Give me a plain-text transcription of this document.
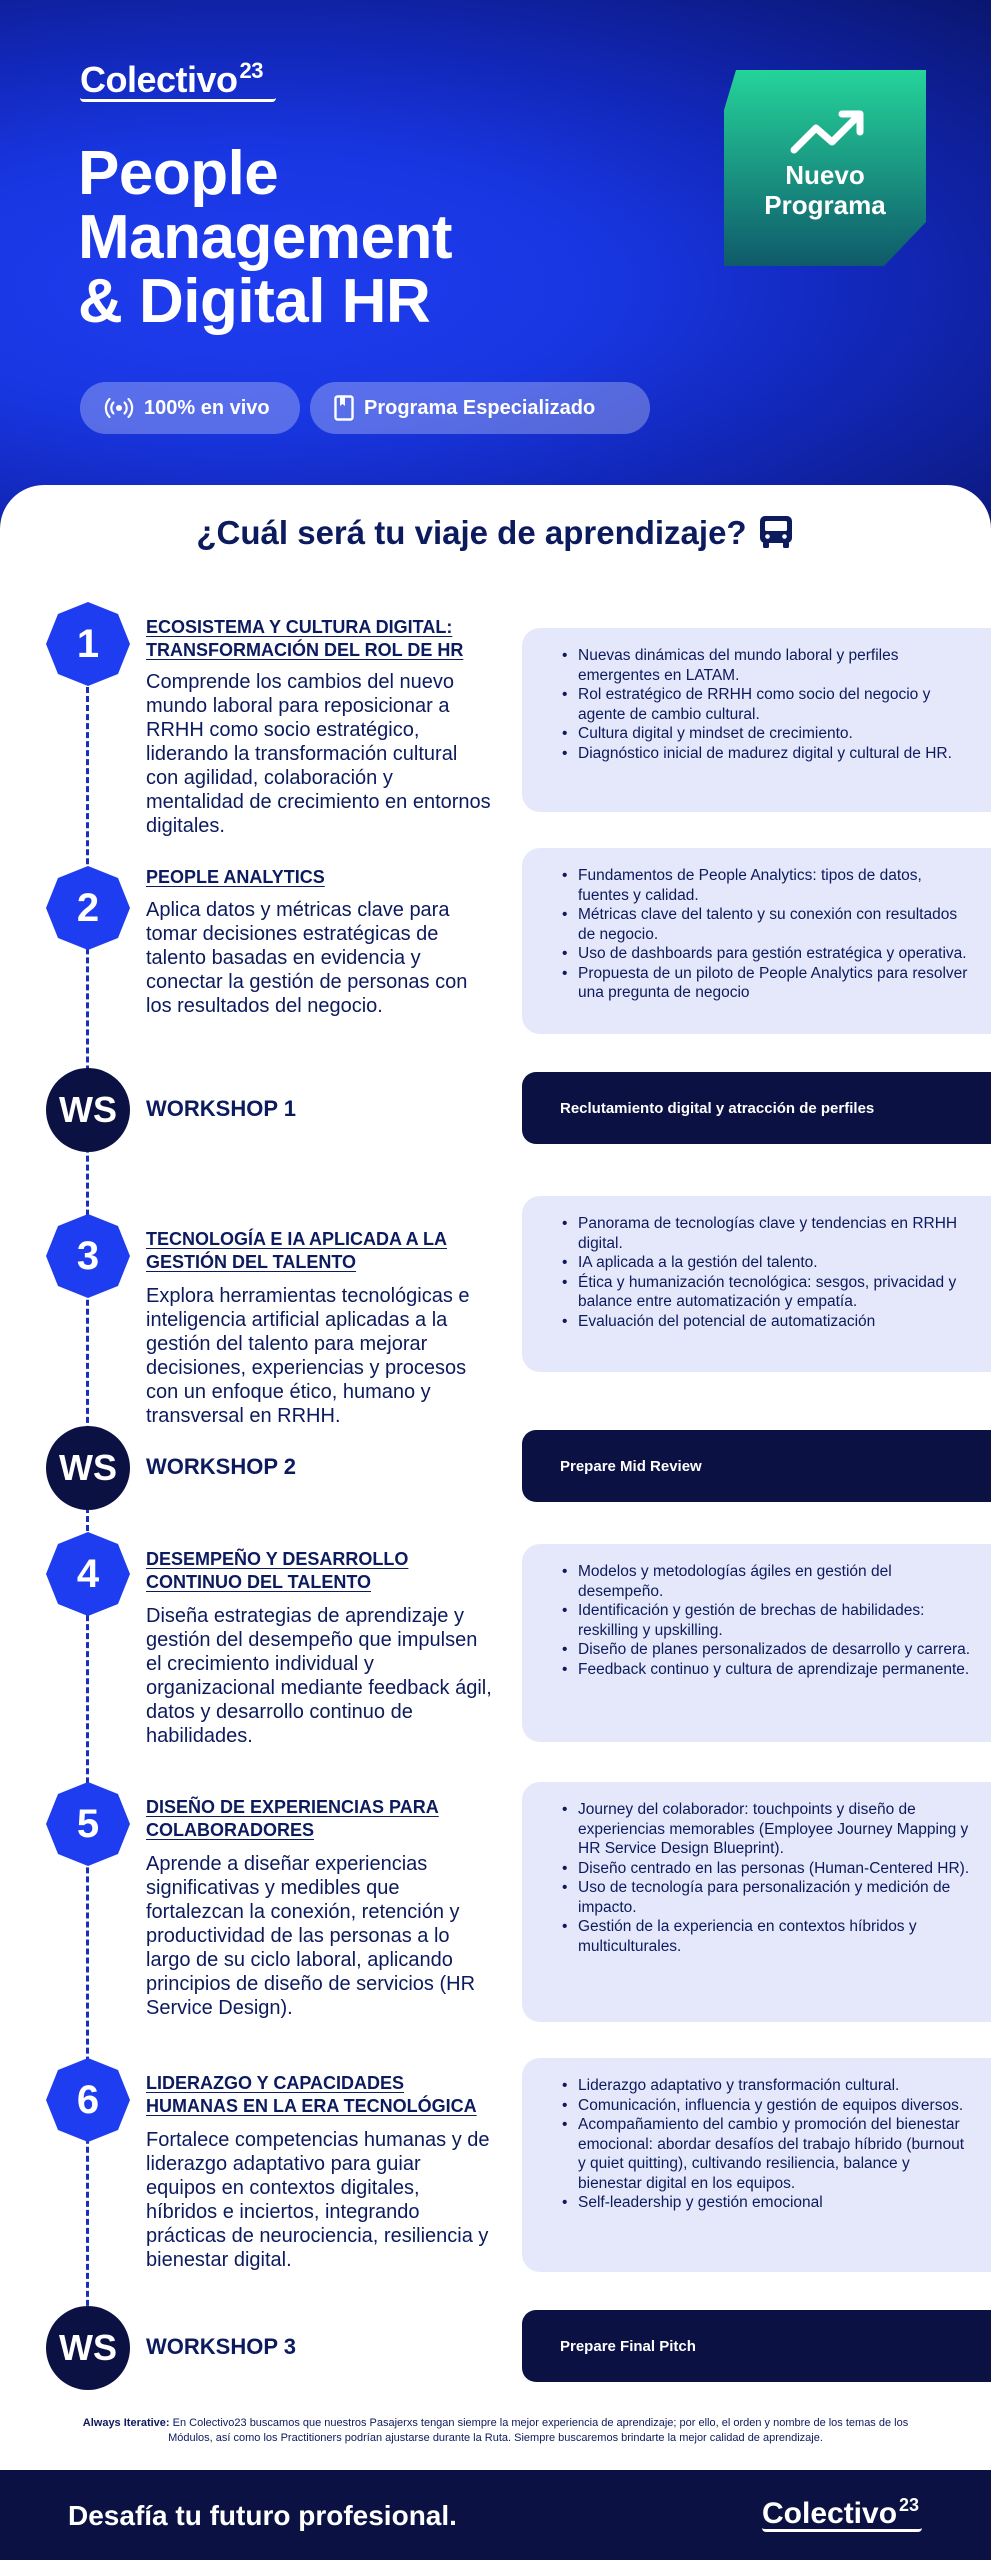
Colectivo$^{23}$
People
Management
& Digital HR
100% en vivo	Programa Especializado
Nuevo
Programa
¿Cuál será tu viaje de aprendizaje?
1	ECOSISTEMA Y CULTURA DIGITAL: TRANSFORMACIÓN DEL ROL DE HR
Comprende los cambios del nuevo mundo laboral para reposicionar a RRHH como socio estratégico, liderando la transformación cultural con agilidad, colaboración y mentalidad de crecimiento en entornos digitales.
• Nuevas dinámicas del mundo laboral y perfiles emergentes en LATAM.
• Rol estratégico de RRHH como socio del negocio y agente de cambio cultural.
• Cultura digital y mindset de crecimiento.
• Diagnóstico inicial de madurez digital y cultural de HR.
2
PEOPLE ANALYTICS
Aplica datos y métricas clave para tomar decisiones estratégicas de talento basadas en evidencia y conectar la gestión de personas con los resultados del negocio.
• Fundamentos de People Analytics: tipos de datos, fuentes y calidad.
• Métricas clave del talento y su conexión con resultados de negocio.
• Uso de dashboards para gestión estratégica y operativa.
• Propuesta de un piloto de People Analytics para resolver una pregunta de negocio
WS	WORKSHOP 1	Reclutamiento digital y atracción de perfiles
3	TECNOLOGÍA E IA APLICADA A LA GESTIÓN DEL TALENTO
Explora herramientas tecnológicas e inteligencia artificial aplicadas a la gestión del talento para mejorar decisiones, experiencias y procesos con un enfoque ético, humano y transversal en RRHH.
• Panorama de tecnologías clave y tendencias en RRHH digital.
• IA aplicada a la gestión del talento.
• Ética y humanización tecnológica: sesgos, privacidad y balance entre automatización y empatía.
• Evaluación del potencial de automatización
WS	WORKSHOP 2	Prepare Mid Review
4	DESEMPEÑO Y DESARROLLO CONTINUO DEL TALENTO
Diseña estrategias de aprendizaje y gestión del desempeño que impulsen el crecimiento individual y organizacional mediante feedback ágil, datos y desarrollo continuo de habilidades.
• Modelos y metodologías ágiles en gestión del desempeño.
• Identificación y gestión de brechas de habilidades: reskilling y upskilling.
• Diseño de planes personalizados de desarrollo y carrera.
• Feedback continuo y cultura de aprendizaje permanente.
5	DISEÑO DE EXPERIENCIAS PARA COLABORADORES
Aprende a diseñar experiencias significativas y medibles que fortalezcan la conexión, retención y productividad de las personas a lo largo de su ciclo laboral, aplicando principios de diseño de servicios (HR Service Design).
• Journey del colaborador: touchpoints y diseño de experiencias memorables (Employee Journey Mapping y HR Service Design Blueprint).
• Diseño centrado en las personas (Human-Centered HR).
• Uso de tecnología para personalización y medición de impacto.
• Gestión de la experiencia en contextos híbridos y multiculturales.
6	LIDERAZGO Y CAPACIDADES HUMANAS EN LA ERA TECNOLÓGICA
Fortalece competencias humanas y de liderazgo adaptativo para guiar equipos en contextos digitales, híbridos e inciertos, integrando prácticas de neurociencia, resiliencia y bienestar digital.
• Liderazgo adaptativo y transformación cultural.
• Comunicación, influencia y gestión de equipos diversos.
• Acompañamiento del cambio y promoción del bienestar emocional: abordar desafíos del trabajo híbrido (burnout y quiet quitting), cultivando resiliencia, balance y bienestar digital en los equipos.
• Self-leadership y gestión emocional
WS	WORKSHOP 3	Prepare Final Pitch
Always Iterative: En Colectivo23 buscamos que nuestros Pasajerxs tengan siempre la mejor experiencia de aprendizaje; por ello, el orden y nombre de los temas de los Módulos, así como los Practitioners podrían ajustarse durante la Ruta. Siempre buscaremos brindarte la mejor calidad de aprendizaje.
Desafía tu futuro profesional.	Colectivo $^{23}$
